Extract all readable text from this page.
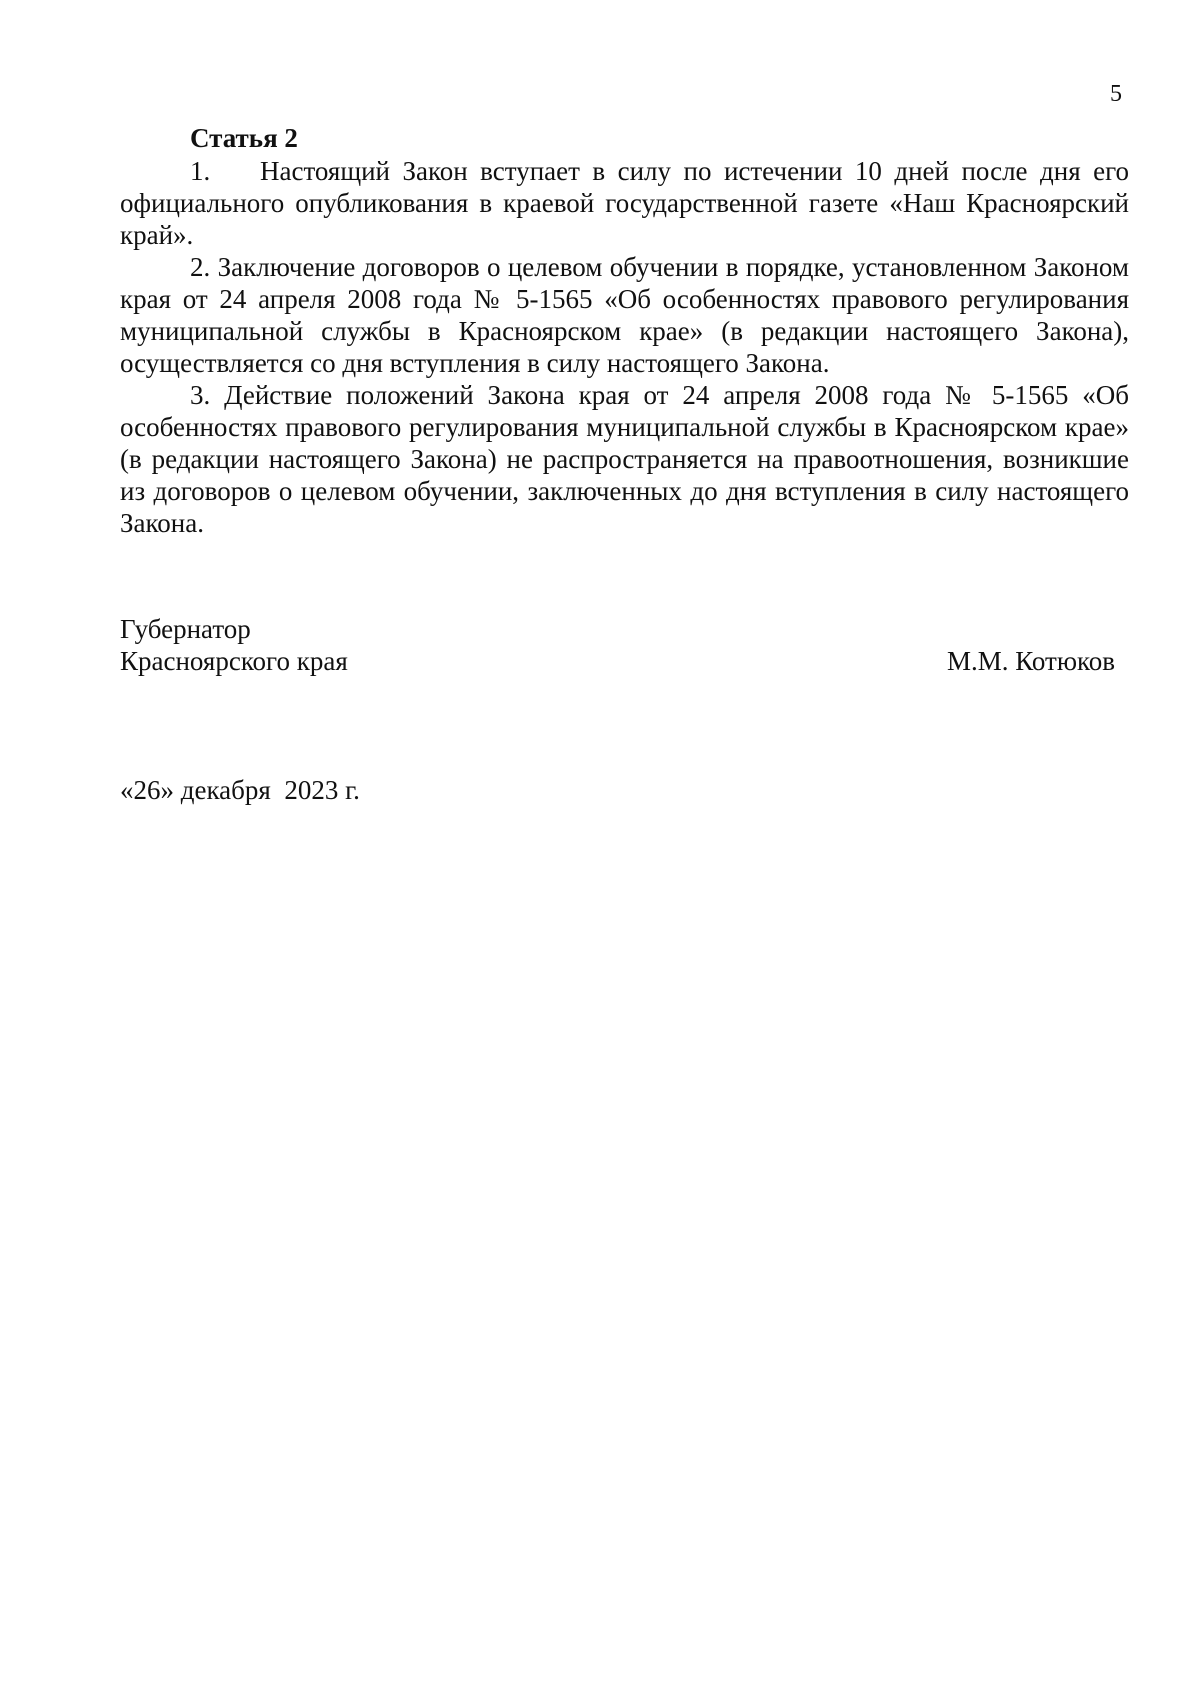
5

Статья 2

1. Настоящий Закон вступает в силу по истечении 10 дней после дня его официального опубликования в краевой государственной газете «Наш Красноярский край».

2. Заключение договоров о целевом обучении в порядке, установленном Законом края от 24 апреля 2008 года № 5-1565 «Об особенностях правового регулирования муниципальной службы в Красноярском крае» (в редакции настоящего Закона), осуществляется со дня вступления в силу настоящего Закона.

3. Действие положений Закона края от 24 апреля 2008 года № 5-1565 «Об особенностях правового регулирования муниципальной службы в Красноярском крае» (в редакции настоящего Закона) не распространяется на правоотношения, возникшие из договоров о целевом обучении, заключенных до дня вступления в силу настоящего Закона.

Губернатор
Красноярского края	М.М. Котюков
«26» декабря  2023 г.
